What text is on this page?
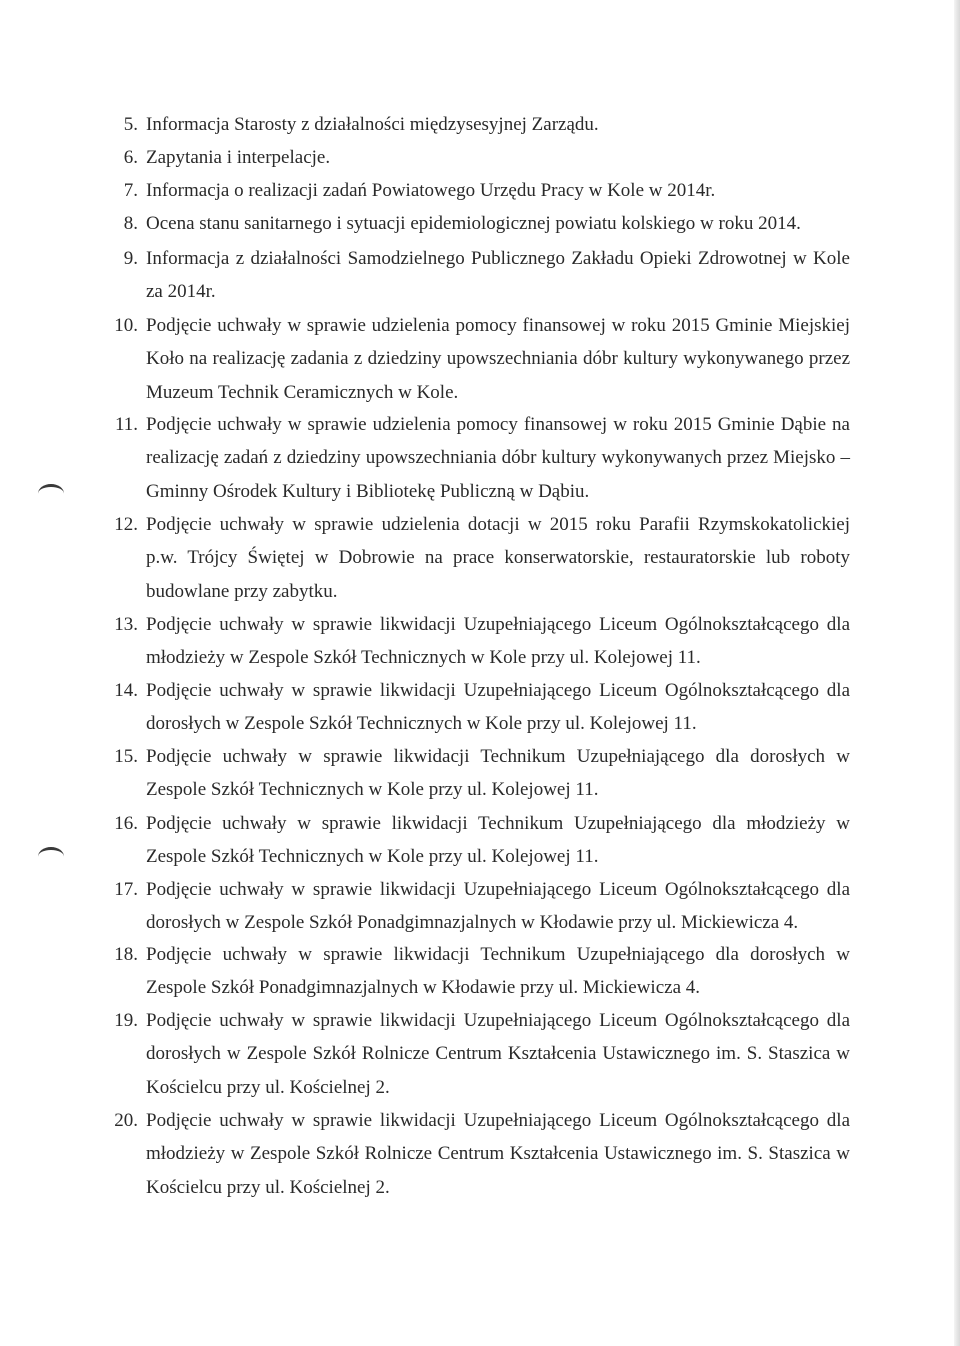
5. Informacja Starosty z działalności międzysesyjnej Zarządu.
6. Zapytania i interpelacje.
7. Informacja o realizacji zadań Powiatowego Urzędu Pracy w Kole w 2014r.
8. Ocena stanu sanitarnego i sytuacji epidemiologicznej powiatu kolskiego w roku 2014.
9. Informacja z działalności Samodzielnego Publicznego Zakładu Opieki Zdrowotnej w Kole za 2014r.
10. Podjęcie uchwały w sprawie udzielenia pomocy finansowej w roku 2015 Gminie Miejskiej Koło na realizację zadania z dziedziny upowszechniania dóbr kultury wykonywanego przez Muzeum Technik Ceramicznych w Kole.
11. Podjęcie uchwały w sprawie udzielenia pomocy finansowej w roku 2015 Gminie Dąbie na realizację zadań z dziedziny upowszechniania dóbr kultury wykonywanych przez Miejsko – Gminny Ośrodek Kultury i Bibliotekę Publiczną w Dąbiu.
12. Podjęcie uchwały w sprawie udzielenia dotacji w 2015 roku Parafii Rzymskokatolickiej p.w. Trójcy Świętej w Dobrowie na prace konserwatorskie, restauratorskie lub roboty budowlane przy zabytku.
13. Podjęcie uchwały w sprawie likwidacji Uzupełniającego Liceum Ogólnokształcącego dla młodzieży w Zespole Szkół Technicznych w Kole przy ul. Kolejowej 11.
14. Podjęcie uchwały w sprawie likwidacji Uzupełniającego Liceum Ogólnokształcącego dla dorosłych w Zespole Szkół Technicznych w Kole przy ul. Kolejowej 11.
15. Podjęcie uchwały w sprawie likwidacji Technikum Uzupełniającego dla dorosłych w Zespole Szkół Technicznych w Kole przy ul. Kolejowej 11.
16. Podjęcie uchwały w sprawie likwidacji Technikum Uzupełniającego dla młodzieży w Zespole Szkół Technicznych w Kole przy ul. Kolejowej 11.
17. Podjęcie uchwały w sprawie likwidacji Uzupełniającego Liceum Ogólnokształcącego dla dorosłych w Zespole Szkół Ponadgimnazjalnych w Kłodawie przy ul. Mickiewicza 4.
18. Podjęcie uchwały w sprawie likwidacji Technikum Uzupełniającego dla dorosłych w Zespole Szkół Ponadgimnazjalnych w Kłodawie przy ul. Mickiewicza 4.
19. Podjęcie uchwały w sprawie likwidacji Uzupełniającego Liceum Ogólnokształcącego dla dorosłych w Zespole Szkół Rolnicze Centrum Kształcenia Ustawicznego im. S. Staszica w Kościelcu przy ul. Kościelnej 2.
20. Podjęcie uchwały w sprawie likwidacji Uzupełniającego Liceum Ogólnokształcącego dla młodzieży w Zespole Szkół Rolnicze Centrum Kształcenia Ustawicznego im. S. Staszica w Kościelcu przy ul. Kościelnej 2.
